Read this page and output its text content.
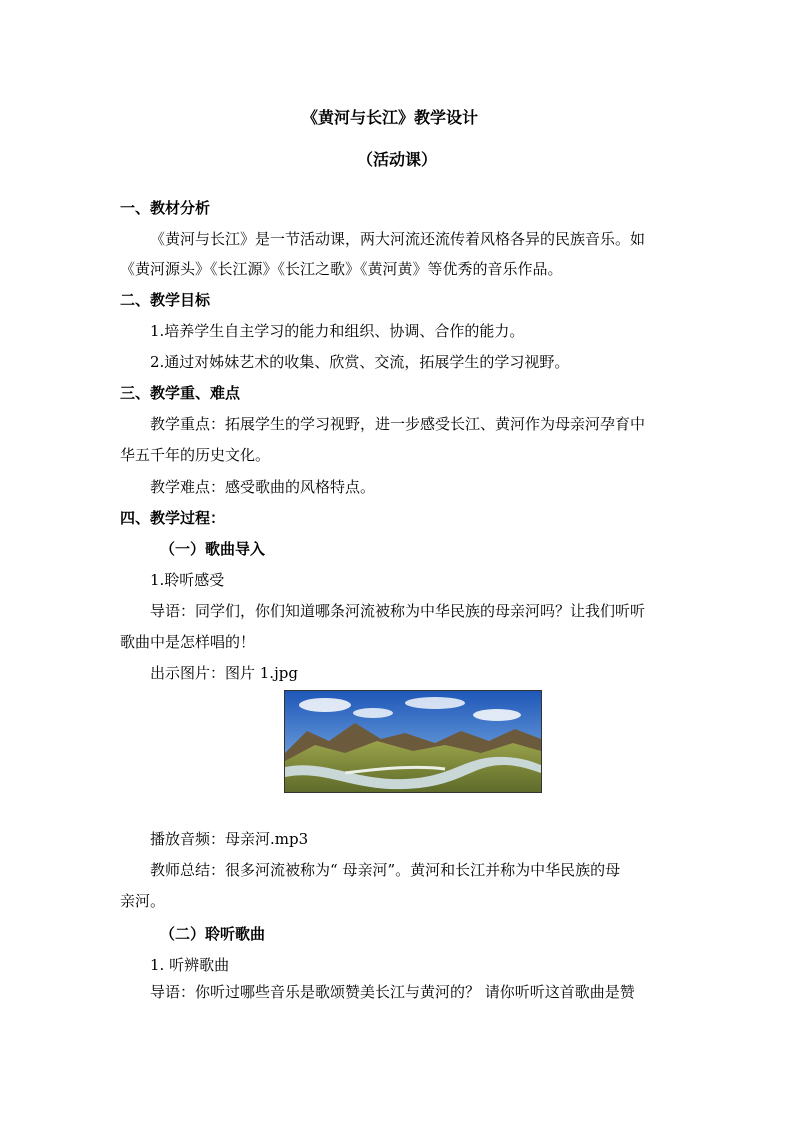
《黄河与长江》教学设计
（活动课）
一、教材分析
《黄河与长江》是一节活动课，两大河流还流传着风格各异的民族音乐。如
《黄河源头》《长江源》《长江之歌》《黄河黄》等优秀的音乐作品。
二、教学目标
1.培养学生自主学习的能力和组织、协调、合作的能力。
2.通过对姊妹艺术的收集、欣赏、交流，拓展学生的学习视野。
三、教学重、难点
教学重点：拓展学生的学习视野，进一步感受长江、黄河作为母亲河孕育中
华五千年的历史文化。
教学难点：感受歌曲的风格特点。
四、教学过程：
（一）歌曲导入
1.聆听感受
导语：同学们，你们知道哪条河流被称为中华民族的母亲河吗？让我们听听
歌曲中是怎样唱的！
出示图片：图片 1.jpg
播放音频：母亲河.mp3
教师总结：很多河流被称为“ 母亲河”。黄河和长江并称为中华民族的母
亲河。
（二）聆听歌曲
1. 听辨歌曲
导语：你听过哪些音乐是歌颂赞美长江与黄河的？ 请你听听这首歌曲是赞
